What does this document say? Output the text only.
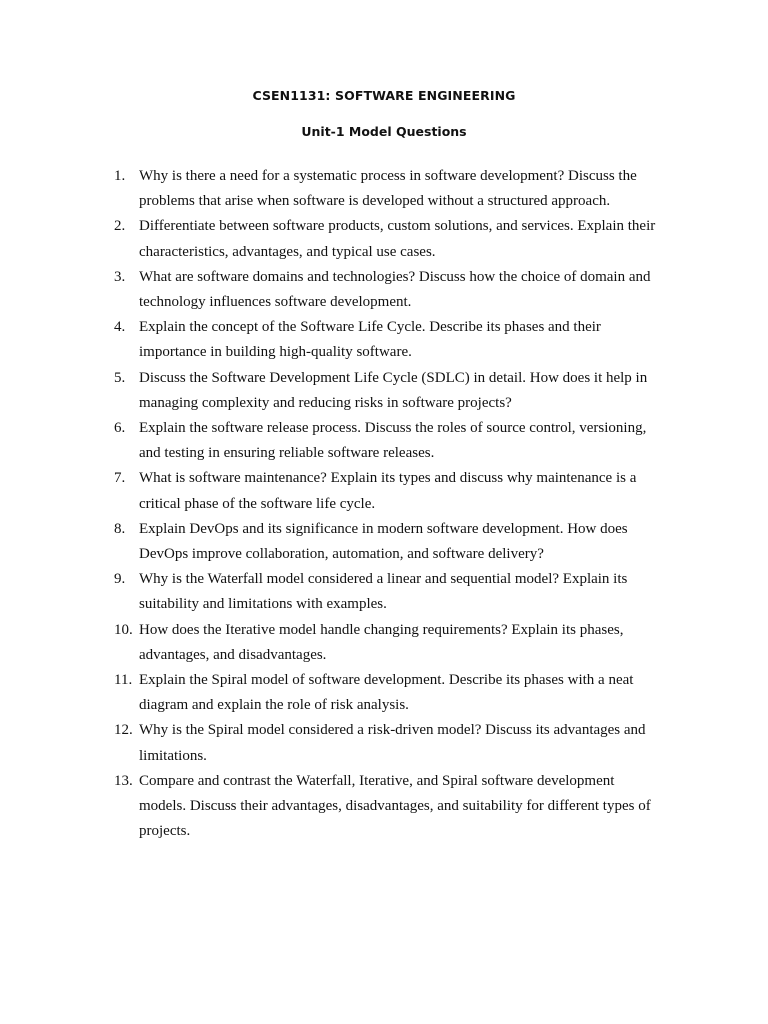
CSEN1131: SOFTWARE ENGINEERING
Unit-1 Model Questions
1. Why is there a need for a systematic process in software development? Discuss the
problems that arise when software is developed without a structured approach.
2. Differentiate between software products, custom solutions, and services. Explain their
characteristics, advantages, and typical use cases.
3. What are software domains and technologies? Discuss how the choice of domain and
technology influences software development.
4. Explain the concept of the Software Life Cycle. Describe its phases and their
importance in building high-quality software.
5. Discuss the Software Development Life Cycle (SDLC) in detail. How does it help in
managing complexity and reducing risks in software projects?
6. Explain the software release process. Discuss the roles of source control, versioning,
and testing in ensuring reliable software releases.
7. What is software maintenance? Explain its types and discuss why maintenance is a
critical phase of the software life cycle.
8. Explain DevOps and its significance in modern software development. How does
DevOps improve collaboration, automation, and software delivery?
9. Why is the Waterfall model considered a linear and sequential model? Explain its
suitability and limitations with examples.
10. How does the Iterative model handle changing requirements? Explain its phases,
advantages, and disadvantages.
11. Explain the Spiral model of software development. Describe its phases with a neat
diagram and explain the role of risk analysis.
12. Why is the Spiral model considered a risk-driven model? Discuss its advantages and
limitations.
13. Compare and contrast the Waterfall, Iterative, and Spiral software development
models. Discuss their advantages, disadvantages, and suitability for different types of
projects.
